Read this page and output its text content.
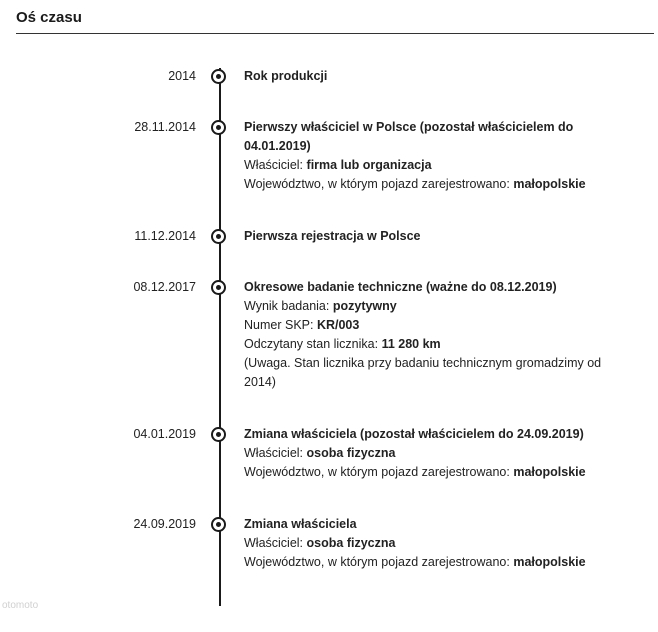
Oś czasu
2014	Rok produkcji
28.11.2014	Pierwszy właściciel w Polsce (pozostał właścicielem do 04.01.2019)
Właściciel: firma lub organizacja
Województwo, w którym pojazd zarejestrowano: małopolskie
11.12.2014	Pierwsza rejestracja w Polsce
08.12.2017	Okresowe badanie techniczne (ważne do 08.12.2019)
Wynik badania: pozytywny
Numer SKP: KR/003
Odczytany stan licznika: 11 280 km
(Uwaga. Stan licznika przy badaniu technicznym gromadzimy od 2014)
04.01.2019	Zmiana właściciela (pozostał właścicielem do 24.09.2019)
Właściciel: osoba fizyczna
Województwo, w którym pojazd zarejestrowano: małopolskie
24.09.2019	Zmiana właściciela
Właściciel: osoba fizyczna
Województwo, w którym pojazd zarejestrowano: małopolskie
otomoto
